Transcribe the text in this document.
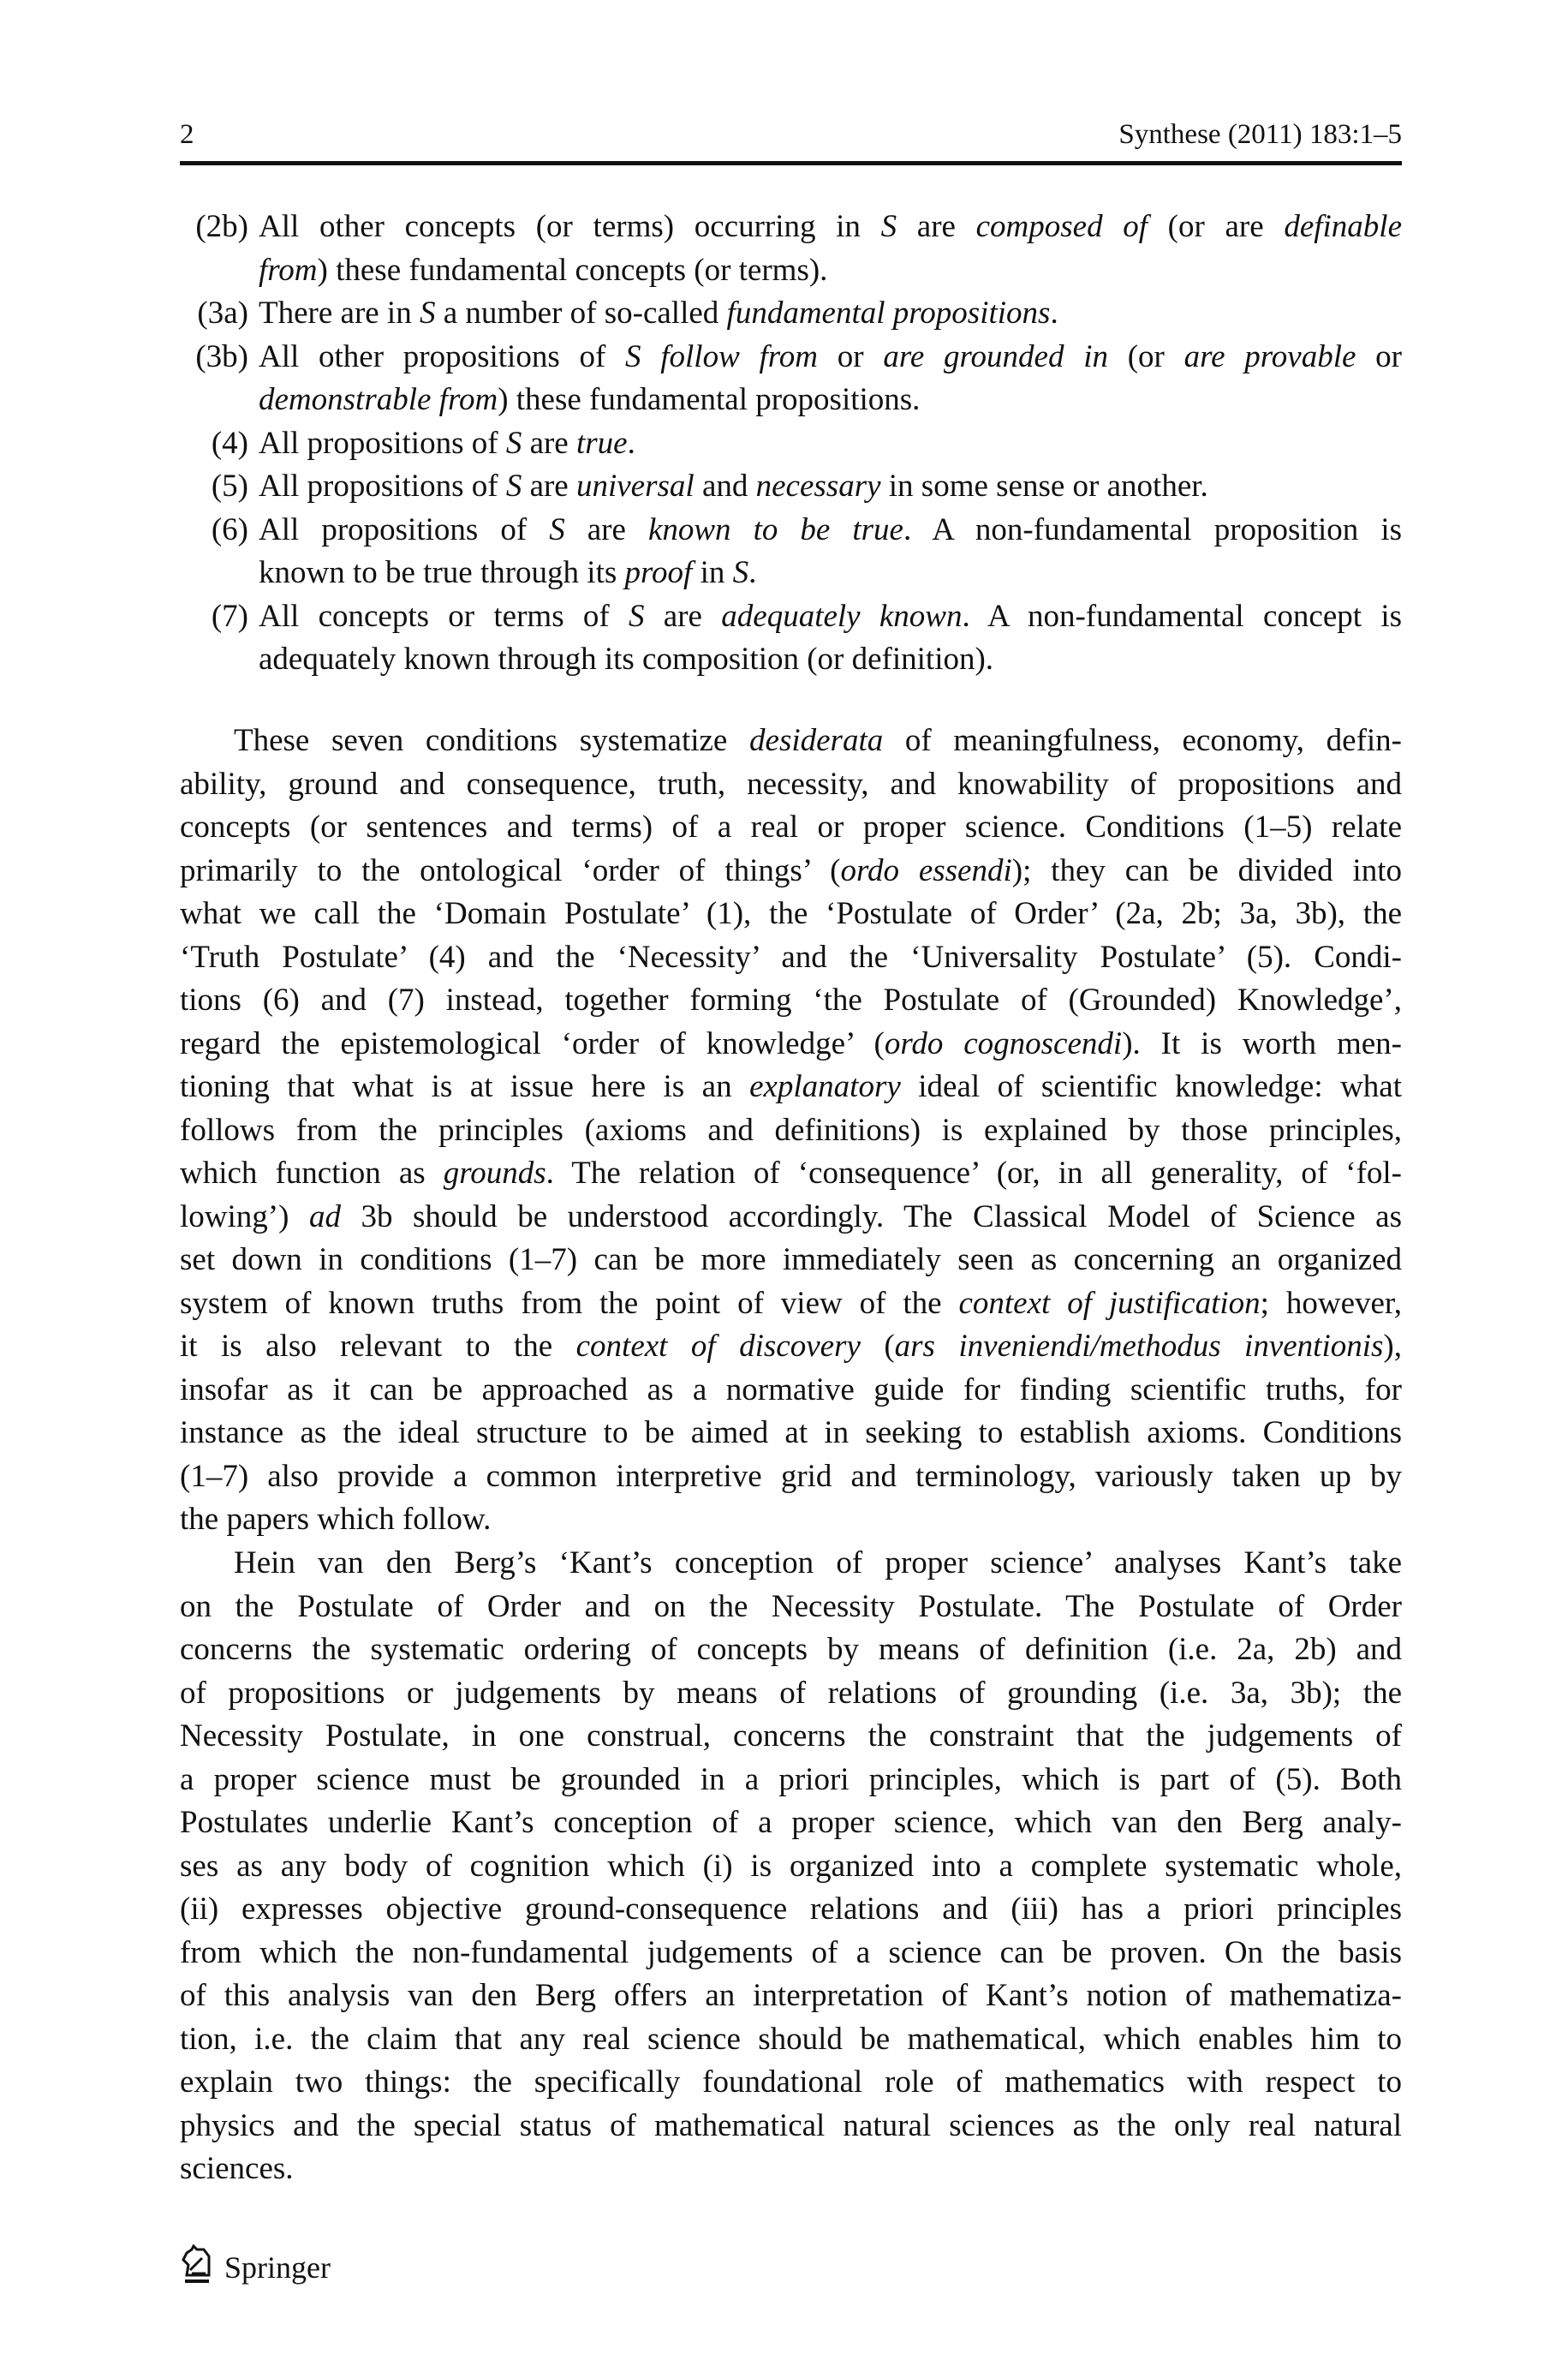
2	Synthese (2011) 183:1–5
(2b) All other concepts (or terms) occurring in S are composed of (or are definable
from) these fundamental concepts (or terms).
(3a) There are in S a number of so-called fundamental propositions.
(3b) All other propositions of S follow from or are grounded in (or are provable or
demonstrable from) these fundamental propositions.
(4) All propositions of S are true.
(5) All propositions of S are universal and necessary in some sense or another.
(6) All propositions of S are known to be true. A non-fundamental proposition is
known to be true through its proof in S.
(7) All concepts or terms of S are adequately known. A non-fundamental concept is
adequately known through its composition (or definition).
These seven conditions systematize desiderata of meaningfulness, economy, defin-
ability, ground and consequence, truth, necessity, and knowability of propositions and
concepts (or sentences and terms) of a real or proper science. Conditions (1–5) relate
primarily to the ontological ‘order of things’ (ordo essendi); they can be divided into
what we call the ‘Domain Postulate’ (1), the ‘Postulate of Order’ (2a, 2b; 3a, 3b), the
‘Truth Postulate’ (4) and the ‘Necessity’ and the ‘Universality Postulate’ (5). Condi-
tions (6) and (7) instead, together forming ‘the Postulate of (Grounded) Knowledge’,
regard the epistemological ‘order of knowledge’ (ordo cognoscendi). It is worth men-
tioning that what is at issue here is an explanatory ideal of scientific knowledge: what
follows from the principles (axioms and definitions) is explained by those principles,
which function as grounds. The relation of ‘consequence’ (or, in all generality, of ‘fol-
lowing’) ad 3b should be understood accordingly. The Classical Model of Science as
set down in conditions (1–7) can be more immediately seen as concerning an organized
system of known truths from the point of view of the context of justification; however,
it is also relevant to the context of discovery (ars inveniendi/methodus inventionis),
insofar as it can be approached as a normative guide for finding scientific truths, for
instance as the ideal structure to be aimed at in seeking to establish axioms. Conditions
(1–7) also provide a common interpretive grid and terminology, variously taken up by
the papers which follow.
Hein van den Berg’s ‘Kant’s conception of proper science’ analyses Kant’s take
on the Postulate of Order and on the Necessity Postulate. The Postulate of Order
concerns the systematic ordering of concepts by means of definition (i.e. 2a, 2b) and
of propositions or judgements by means of relations of grounding (i.e. 3a, 3b); the
Necessity Postulate, in one construal, concerns the constraint that the judgements of
a proper science must be grounded in a priori principles, which is part of (5). Both
Postulates underlie Kant’s conception of a proper science, which van den Berg analy-
ses as any body of cognition which (i) is organized into a complete systematic whole,
(ii) expresses objective ground-consequence relations and (iii) has a priori principles
from which the non-fundamental judgements of a science can be proven. On the basis
of this analysis van den Berg offers an interpretation of Kant’s notion of mathematiza-
tion, i.e. the claim that any real science should be mathematical, which enables him to
explain two things: the specifically foundational role of mathematics with respect to
physics and the special status of mathematical natural sciences as the only real natural
sciences.
Springer
